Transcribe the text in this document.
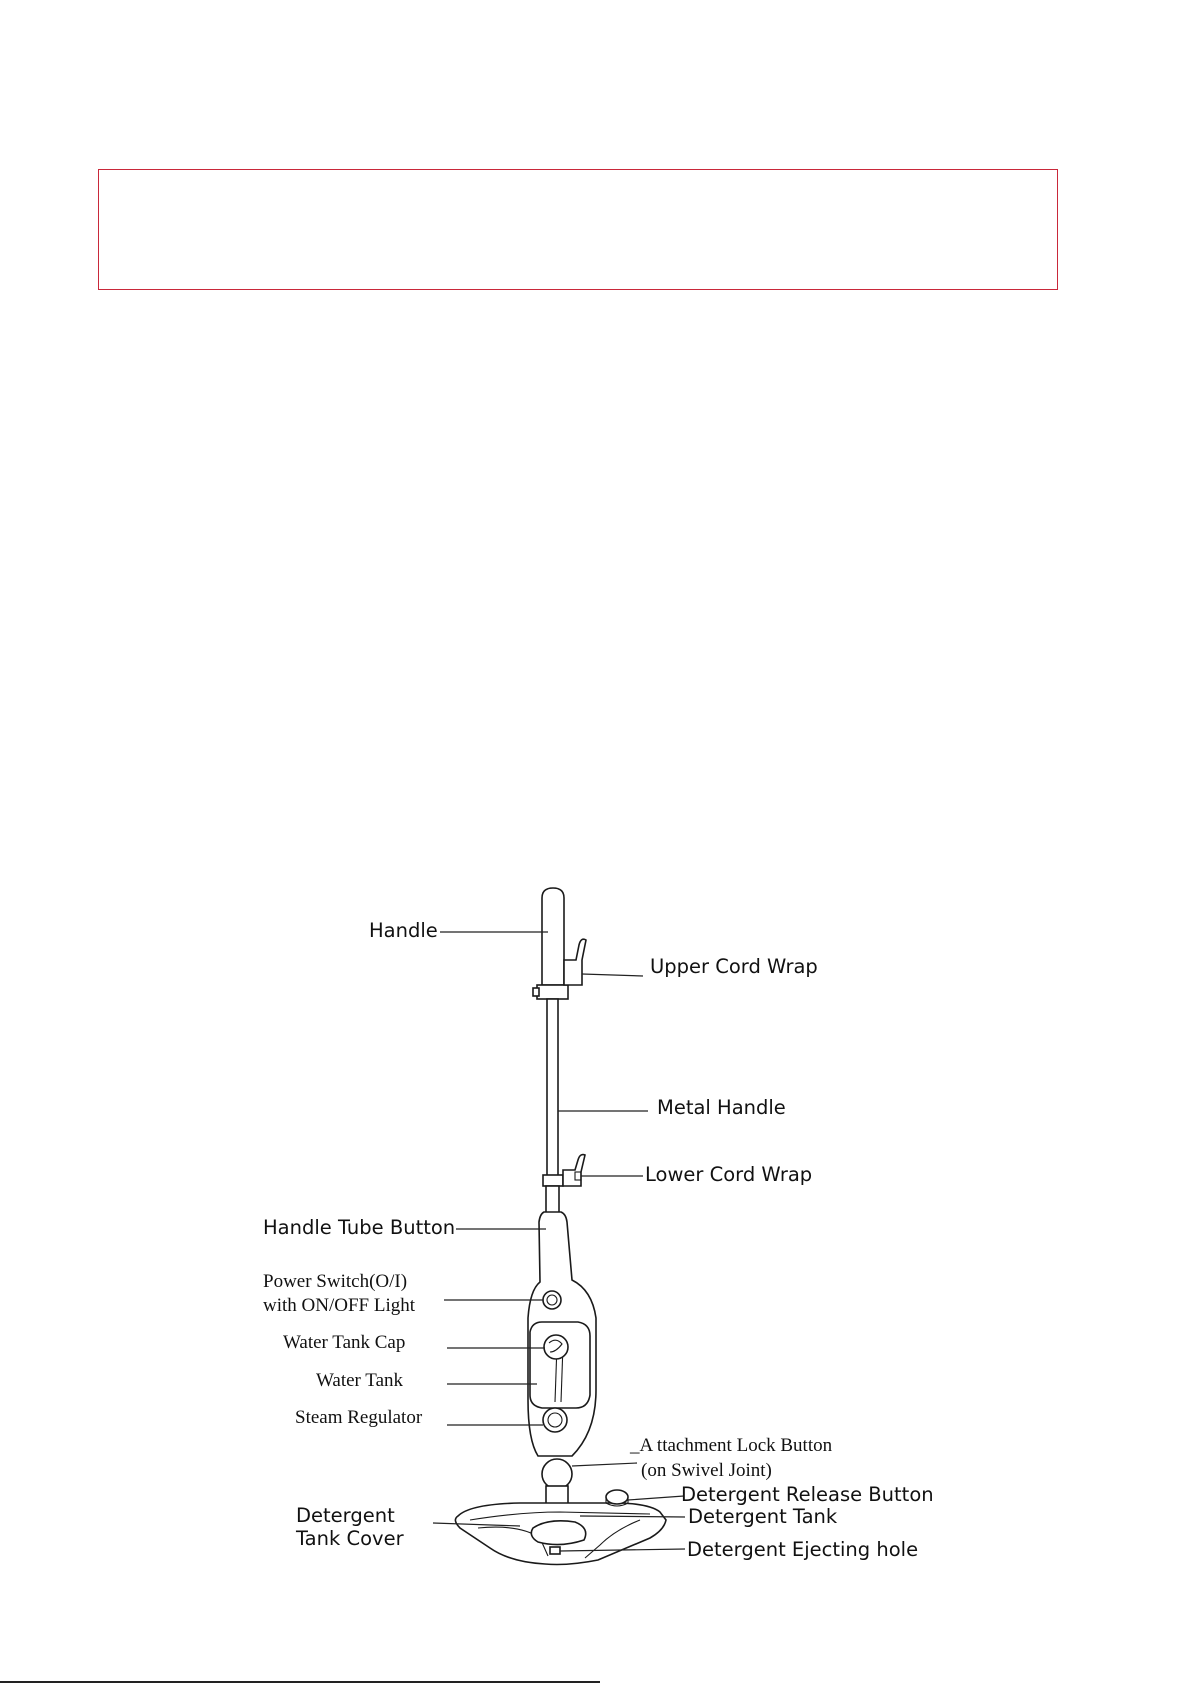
Handle
Upper Cord Wrap
Metal Handle
Lower Cord Wrap
Handle Tube Button
Power Switch(O/I)
with ON/OFF Light
Water Tank Cap
Water Tank
Steam Regulator
_A ttachment Lock Button
(on Swivel Joint)
Detergent Release Button
Detergent Tank
Detergent
Tank Cover	Detergent Ejecting hole
